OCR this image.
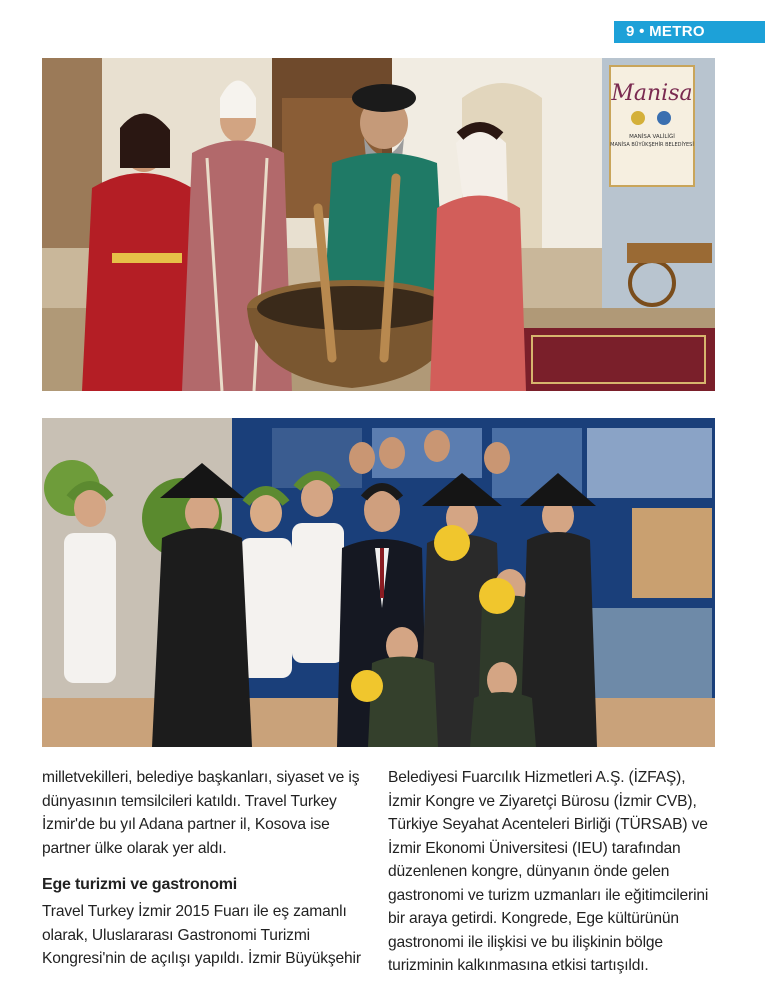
9 • METRO
Manisa
MANİSA VALİLİĞİ
MANİSA BÜYÜKŞEHİR BELEDİYESİ

milletvekilleri, belediye başkanları, siyaset ve iş dünyasının temsilcileri katıldı. Travel Turkey İzmir'de bu yıl Adana partner il, Kosova ise partner ülke olarak yer aldı.

Ege turizmi ve gastronomi

Travel Turkey İzmir 2015 Fuarı ile eş zamanlı olarak, Uluslararası Gastronomi Turizmi Kongresi'nin de açılışı yapıldı. İzmir Büyükşehir

Belediyesi Fuarcılık Hizmetleri A.Ş. (İZFAŞ), İzmir Kongre ve Ziyaretçi Bürosu (İzmir CVB), Türkiye Seyahat Acenteleri Birliği (TÜRSAB) ve İzmir Ekonomi Üniversitesi (IEU) tarafından düzenlenen kongre, dünyanın önde gelen gastronomi ve turizm uzmanları ile eğitimcilerini bir araya getirdi. Kongrede, Ege kültürünün gastronomi ile ilişkisi ve bu ilişkinin bölge turizminin kalkınmasına etkisi tartışıldı.
